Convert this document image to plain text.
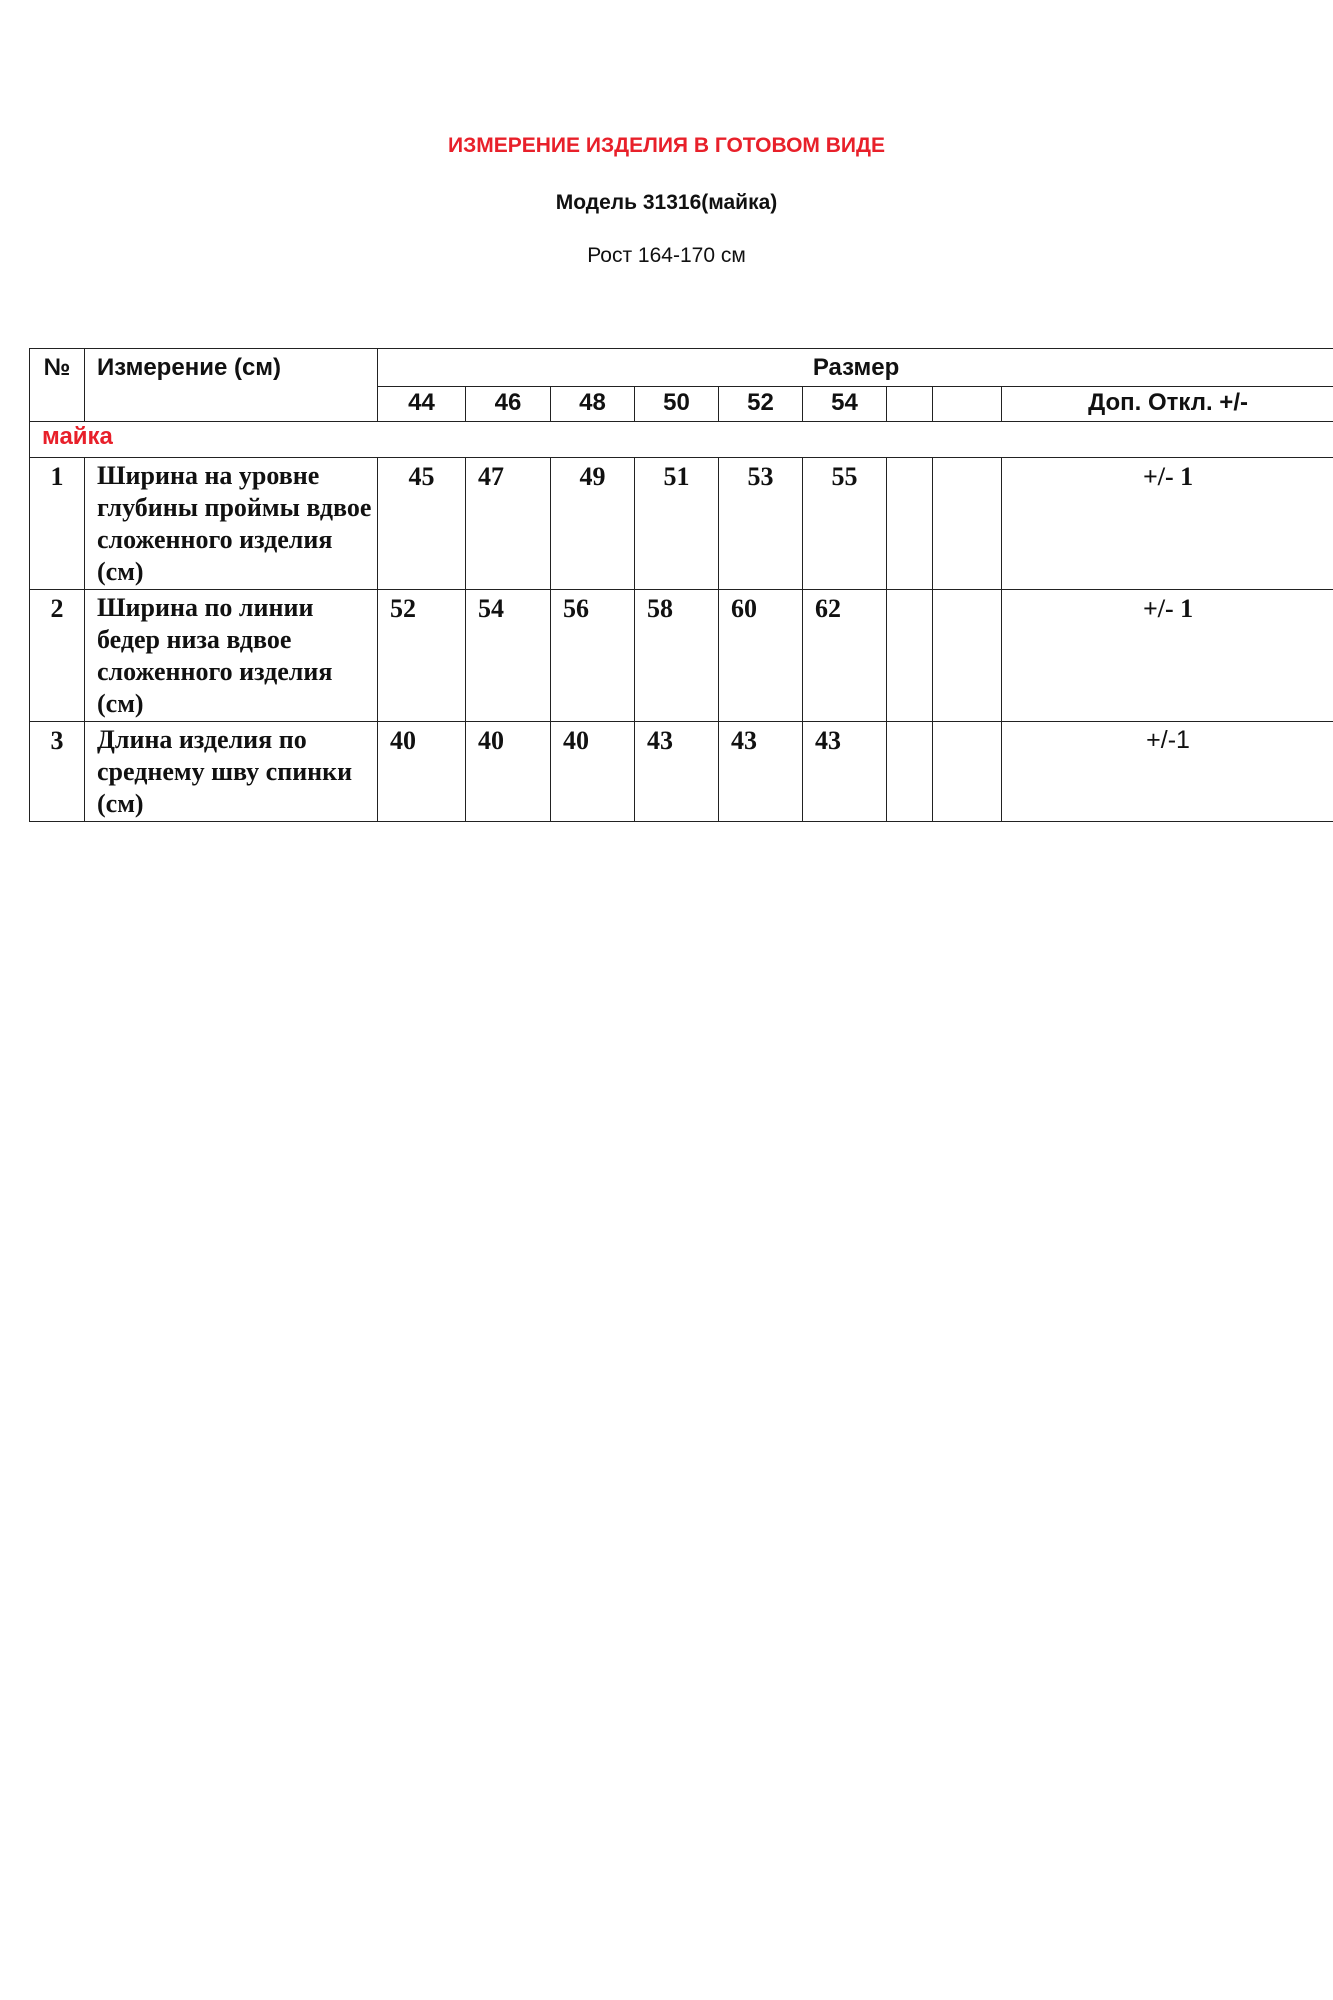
ИЗМЕРЕНИЕ ИЗДЕЛИЯ В ГОТОВОМ ВИДЕ
Модель 31316(майка)
Рост 164-170 см
№	Измерение (см)	Размер								
		44	46	48	50	52	54			Доп. Откл. +/-
майка										
1	Ширина на уровне глубины проймы вдвое сложенного изделия (см)	45	47	49	51	53	55			+/- 1
2	Ширина по линии бедер низа вдвое сложенного изделия (см)	52	54	56	58	60	62			+/- 1
3	Длина изделия по среднему шву спинки (см)	40	40	40	43	43	43			+/-1
